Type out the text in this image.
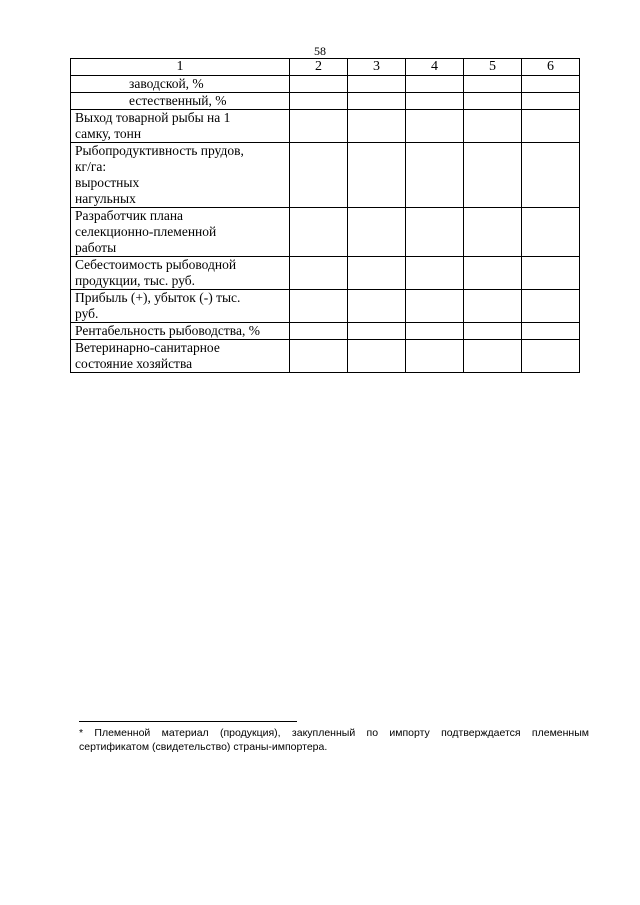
58
1	2	3	4	5	6

заводской, %					

естественный, %					

Выход товарной рыбы на 1
самку, тонн					

Рыбопродуктивность прудов,
кг/га:
выростных
нагульных					

Разработчик плана
селекционно-племенной
работы					

Себестоимость рыбоводной
продукции, тыс. руб.					

Прибыль (+), убыток (-) тыс.
руб.					

Рентабельность рыбоводства, %					

Ветеринарно-санитарное
состояние хозяйства					

* Племенной материал (продукция), закупленный по импорту подтверждается племенным сертификатом (свидетельство) страны-импортера.
